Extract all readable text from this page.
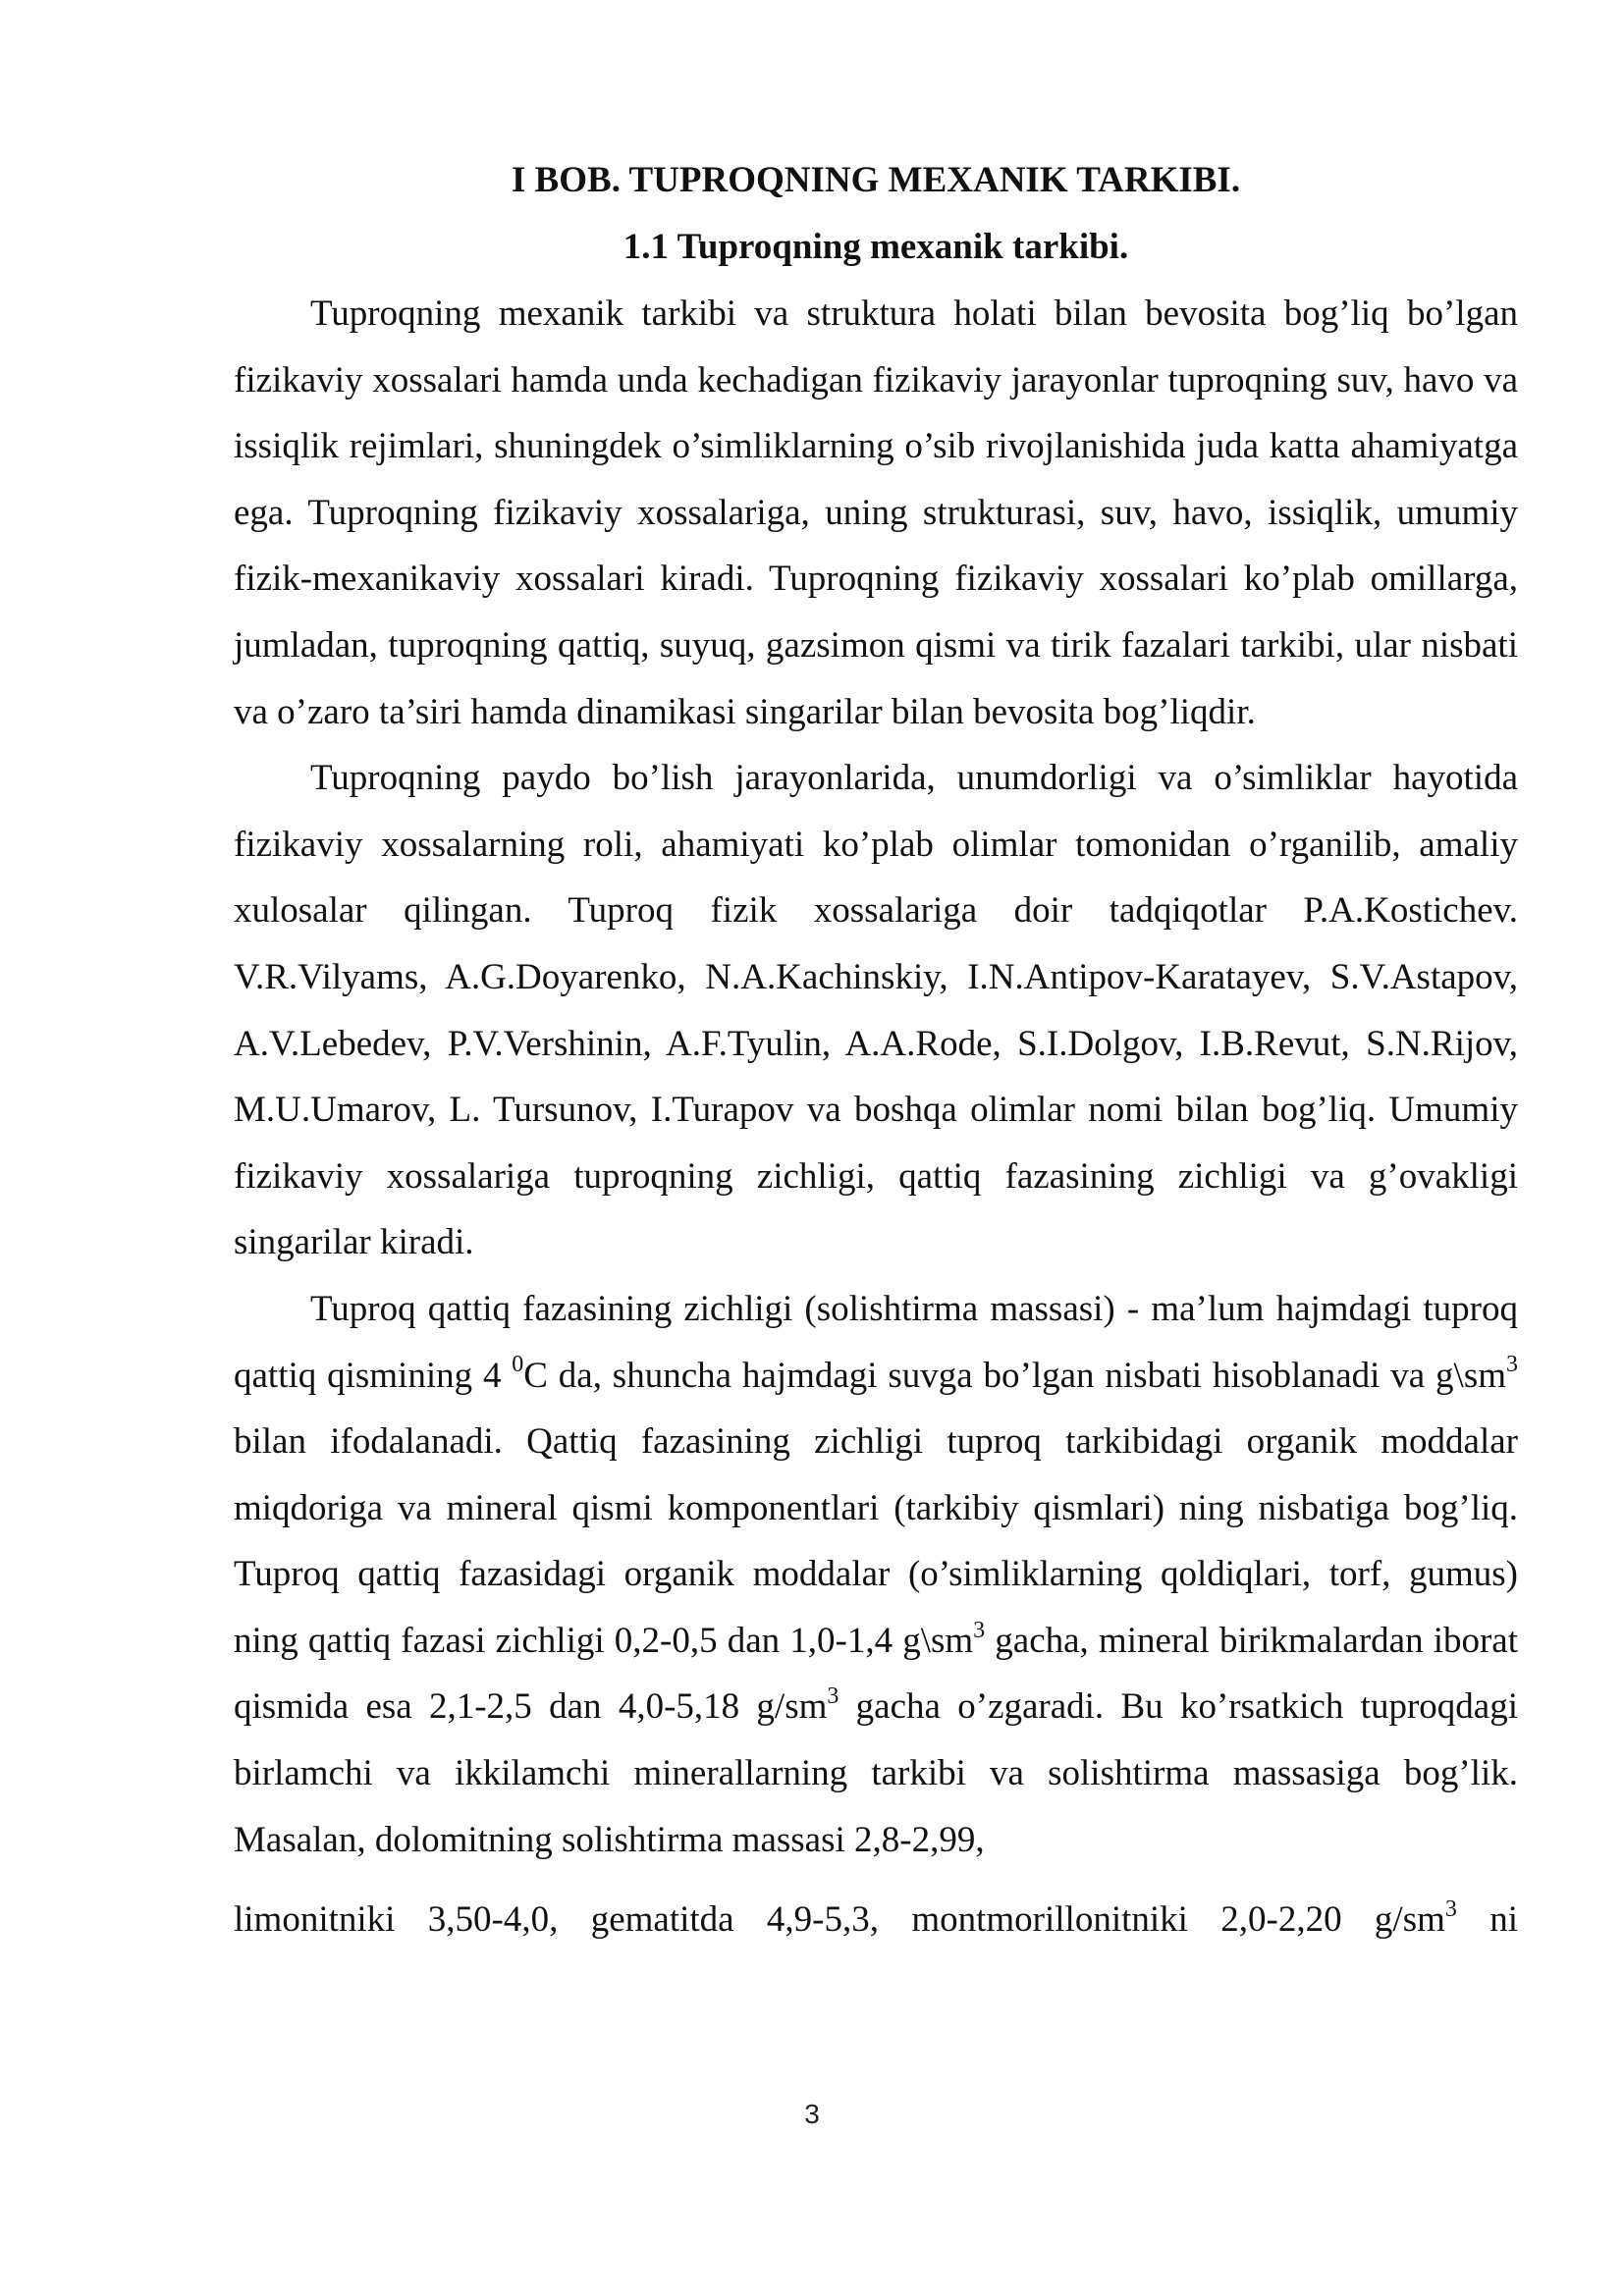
I BOB. TUPROQNING MEXANIK TARKIBI.

1.1 Tuproqning mexanik tarkibi.

Tuproqning mexanik tarkibi va struktura holati bilan bevosita bog’liq bo’lgan fizikaviy xossalari hamda unda kechadigan fizikaviy jarayonlar tuproqning suv, havo va issiqlik rejimlari, shuningdek o’simliklarning o’sib rivojlanishida juda katta ahamiyatga ega. Tuproqning fizikaviy xossalariga, uning strukturasi, suv, havo, issiqlik, umumiy fizik-mexanikaviy xossalari kiradi. Tuproqning fizikaviy xossalari ko’plab omillarga, jumladan, tuproqning qattiq, suyuq, gazsimon qismi va tirik fazalari tarkibi, ular nisbati va o’zaro ta’siri hamda dinamikasi singarilar bilan bevosita bog’liqdir.

Tuproqning paydo bo’lish jarayonlarida, unumdorligi va o’simliklar hayotida fizikaviy xossalarning roli, ahamiyati ko’plab olimlar tomonidan o’rganilib, amaliy xulosalar qilingan. Tuproq fizik xossalariga doir tadqiqotlar P.A.Kostichev. V.R.Vilyams, A.G.Doyarenko, N.A.Kachinskiy, I.N.Antipov-Karatayev, S.V.Astapov, A.V.Lebedev, P.V.Vershinin, A.F.Tyulin, A.A.Rode, S.I.Dolgov, I.B.Revut, S.N.Rijov, M.U.Umarov, L. Tursunov, I.Turapov va boshqa olimlar nomi bilan bog’liq. Umumiy fizikaviy xossalariga tuproqning zichligi, qattiq fazasining zichligi va g’ovakligi singarilar kiradi.

Tuproq qattiq fazasining zichligi (solishtirma massasi) - ma’lum hajmdagi tuproq qattiq qismining 4 $^0$C da, shuncha hajmdagi suvga bo’lgan nisbati hisoblanadi va $g\backslash sm^3$ bilan ifodalanadi. Qattiq fazasining zichligi tuproq tarkibidagi organik moddalar miqdoriga va mineral qismi komponentlari (tarkibiy qismlari) ning nisbatiga bog’liq. Tuproq qattiq fazasidagi organik moddalar (o’simliklarning qoldiqlari, torf, gumus) ning qattiq fazasi zichligi 0,2-0,5 dan 1,0-1,4 $g\backslash sm^3$ gacha, mineral birikmalardan iborat qismida esa 2,1-2,5 dan 4,0-5,18 $g/sm^3$ gacha o’zgaradi. Bu ko’rsatkich tuproqdagi birlamchi va ikkilamchi minerallarning tarkibi va solishtirma massasiga bog’lik. Masalan, dolomitning solishtirma massasi 2,8-2,99,

limonitniki 3,50-4,0, gematitda 4,9-5,3, montmorillonitniki 2,0-2,20 $g/sm^3$ ni

3
